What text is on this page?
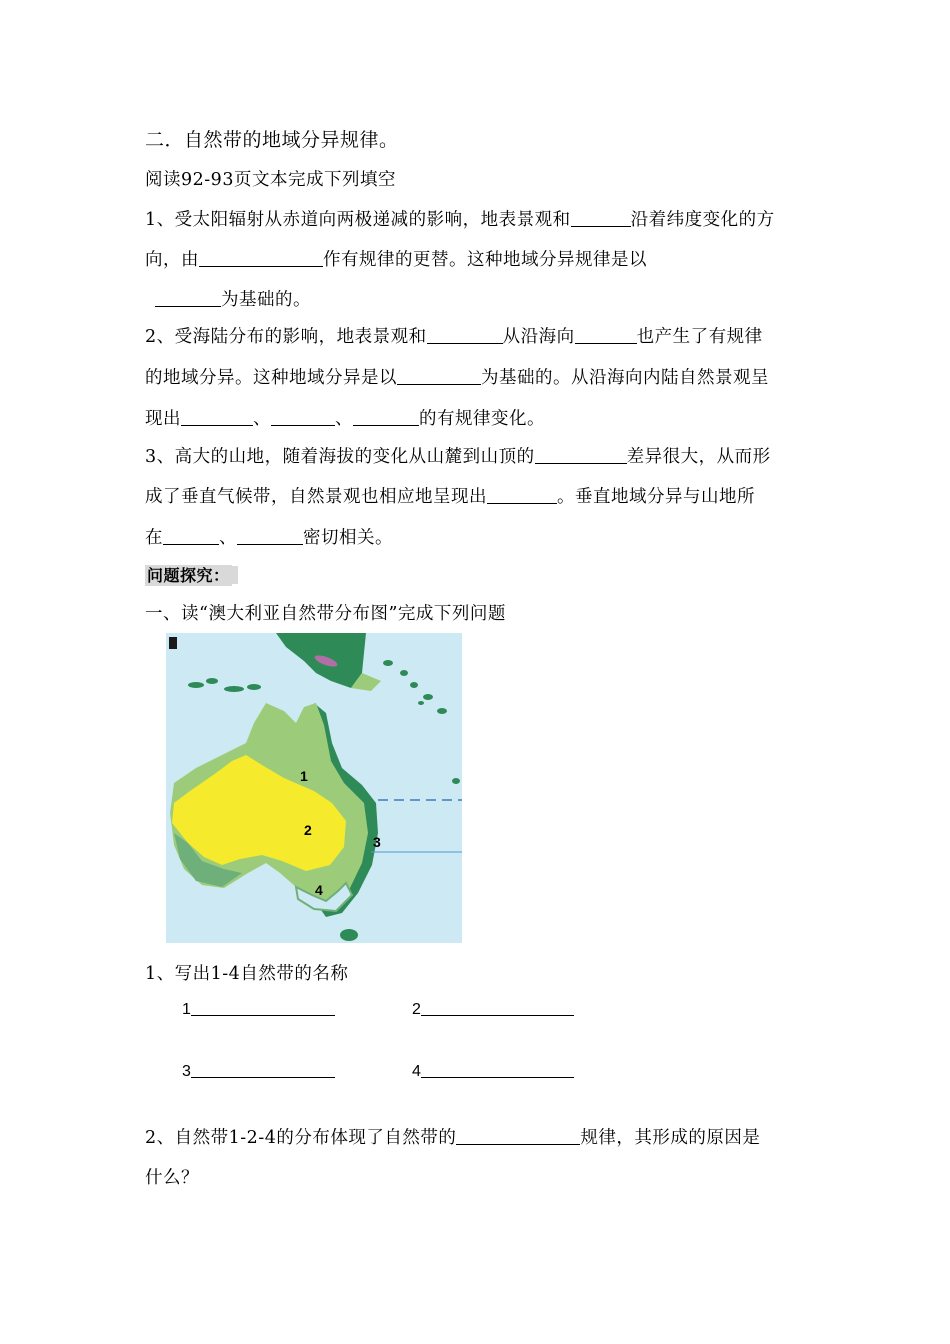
二．自然带的地域分异规律。
阅读92-93页文本完成下列填空
1、受太阳辐射从赤道向两极递减的影响，地表景观和	沿着纬度变化的方
向，由	作有规律的更替。这种地域分异规律是以
为基础的。
2、受海陆分布的影响，地表景观和	从沿海向	也产生了有规律
的地域分异。这种地域分异是以	为基础的。从沿海向内陆自然景观呈
现出	、	、	的有规律变化。
3、高大的山地，随着海拔的变化从山麓到山顶的	差异很大，从而形
成了垂直气候带，自然景观也相应地呈现出	。垂直地域分异与山地所
在	、	密切相关。
问题探究：
一、读“澳大利亚自然带分布图”完成下列问题
1
2
3
4
1、写出1-4自然带的名称
1	2
3	4
2、自然带1-2-4的分布体现了自然带的	规律，其形成的原因是
什么？
